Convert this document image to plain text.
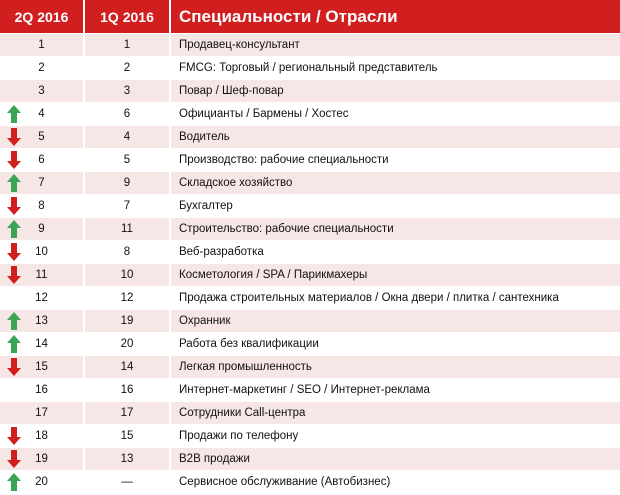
2Q 2016	1Q 2016	Специальности / Отрасли
1	1	Продавец-консультант
2	2	FMCG: Торговый / региональный представитель
3	3	Повар / Шеф-повар
4	6	Официанты / Бармены / Хостес
5	4	Водитель
6	5	Производство: рабочие специальности
7	9	Складское хозяйство
8	7	Бухгалтер
9	11	Строительство: рабочие специальности
10	8	Веб-разработка
11	10	Косметология / SPA / Парикмахеры
12	12	Продажа строительных материалов / Окна двери / плитка / сантехника
13	19	Охранник
14	20	Работа без квалификации
15	14	Легкая промышленность
16	16	Интернет-маркетинг / SEO / Интернет-реклама
17	17	Сотрудники Call-центра
18	15	Продажи по телефону
19	13	B2B продажи
20	—	Сервисное обслуживание (Автобизнес)
